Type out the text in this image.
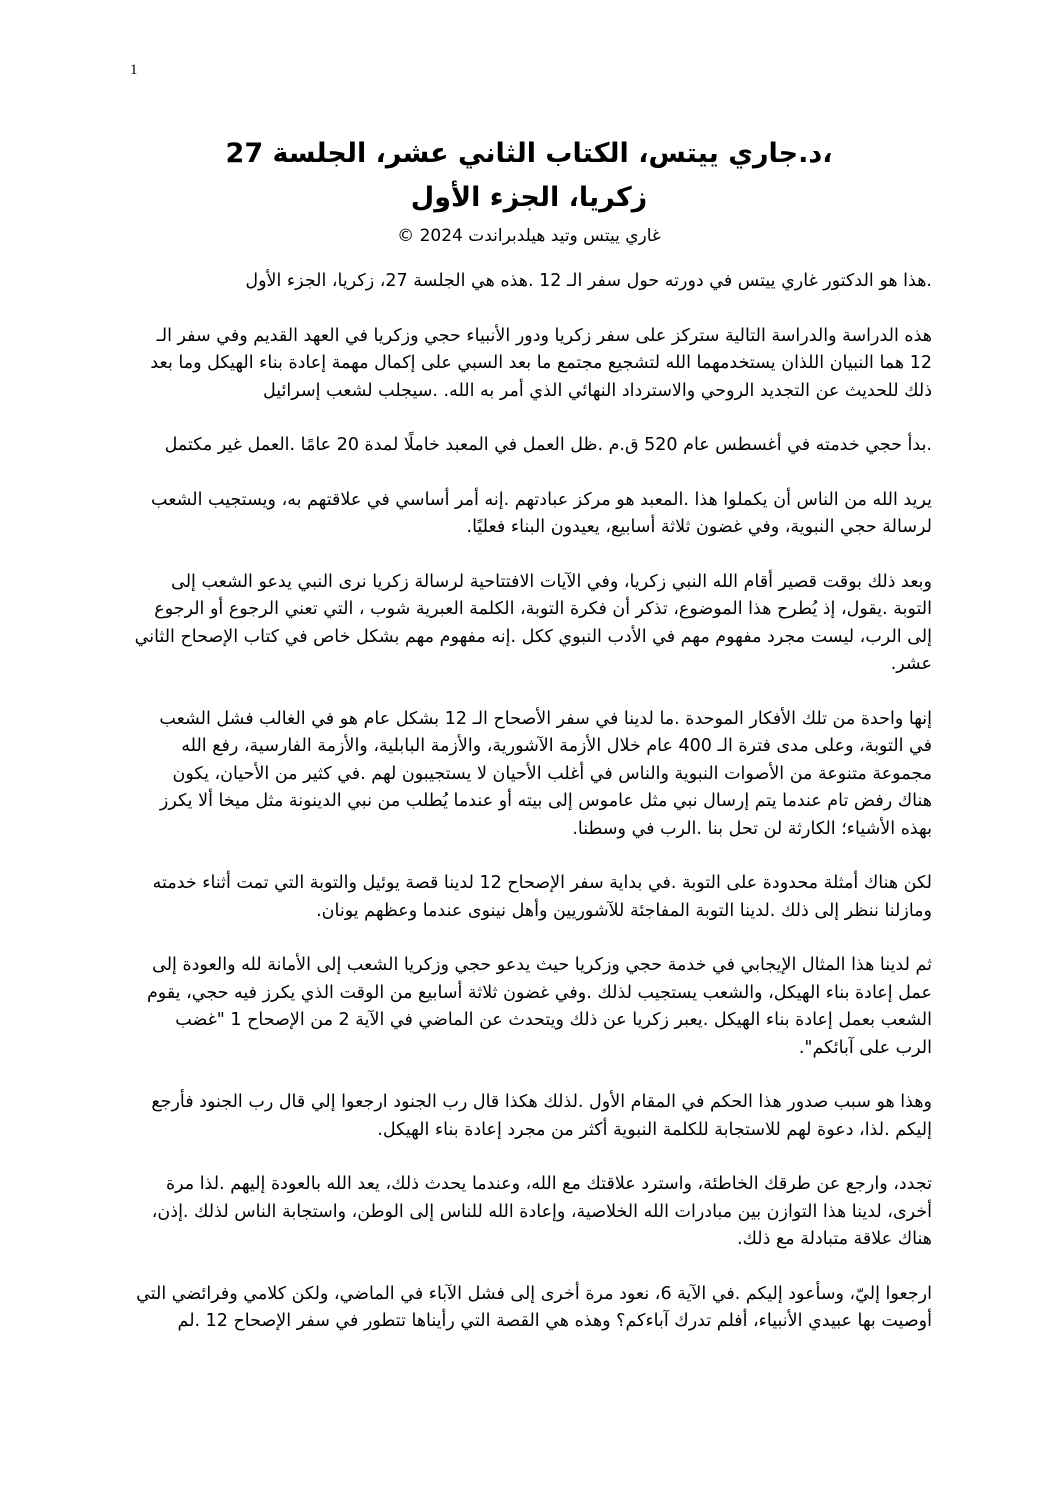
1
،د.جاري ييتس، الكتاب الثاني عشر، الجلسة 27
زكريا، الجزء الأول
غاري ييتس وتيد هيلدبراندت 2024 ©

.هذا هو الدكتور غاري ييتس في دورته حول سفر الـ 12 .هذه هي الجلسة 27، زكريا، الجزء الأول

هذه الدراسة والدراسة التالية ستركز على سفر زكريا ودور الأنبياء حجي وزكريا في العهد القديم وفي سفر الـ 12 هما النبيان اللذان يستخدمهما الله لتشجيع مجتمع ما بعد السبي على إكمال مهمة إعادة بناء الهيكل وما بعد ذلك للحديث عن التجديد الروحي والاسترداد النهائي الذي أمر به الله. .سيجلب لشعب إسرائيل

.بدأ حجي خدمته في أغسطس عام 520 ق.م .ظل العمل في المعبد خاملًا لمدة 20 عامًا .العمل غير مكتمل

يريد الله من الناس أن يكملوا هذا .المعبد هو مركز عبادتهم .إنه أمر أساسي في علاقتهم به، ويستجيب الشعب لرسالة حجي النبوية، وفي غضون ثلاثة أسابيع، يعيدون البناء فعليًا.

وبعد ذلك بوقت قصير أقام الله النبي زكريا، وفي الآيات الافتتاحية لرسالة زكريا نرى النبي يدعو الشعب إلى التوبة .يقول، إذ يُطرح هذا الموضوع، تذكر أن فكرة التوبة، الكلمة العبرية شوب ، التي تعني الرجوع أو الرجوع إلى الرب، ليست مجرد مفهوم مهم في الأدب النبوي ككل .إنه مفهوم مهم بشكل خاص في كتاب الإصحاح الثاني عشر.

إنها واحدة من تلك الأفكار الموحدة .ما لدينا في سفر الأصحاح الـ 12 بشكل عام هو في الغالب فشل الشعب في التوبة، وعلى مدى فترة الـ 400 عام خلال الأزمة الآشورية، والأزمة البابلية، والأزمة الفارسية، رفع الله مجموعة متنوعة من الأصوات النبوية والناس في أغلب الأحيان لا يستجيبون لهم .في كثير من الأحيان، يكون هناك رفض تام عندما يتم إرسال نبي مثل عاموس إلى بيته أو عندما يُطلب من نبي الدينونة مثل ميخا ألا يكرز بهذه الأشياء؛ الكارثة لن تحل بنا .الرب في وسطنا.

لكن هناك أمثلة محدودة على التوبة .في بداية سفر الإصحاح 12 لدينا قصة يوئيل والتوبة التي تمت أثناء خدمته ومازلنا ننظر إلى ذلك .لدينا التوبة المفاجئة للآشوريين وأهل نينوى عندما وعظهم يونان.

ثم لدينا هذا المثال الإيجابي في خدمة حجي وزكريا حيث يدعو حجي وزكريا الشعب إلى الأمانة لله والعودة إلى عمل إعادة بناء الهيكل، والشعب يستجيب لذلك .وفي غضون ثلاثة أسابيع من الوقت الذي يكرز فيه حجي، يقوم الشعب بعمل إعادة بناء الهيكل .يعبر زكريا عن ذلك ويتحدث عن الماضي في الآية 2 من الإصحاح 1 "غضب الرب على آبائكم".

وهذا هو سبب صدور هذا الحكم في المقام الأول .لذلك هكذا قال رب الجنود ارجعوا إلي قال رب الجنود فأرجع إليكم .لذا، دعوة لهم للاستجابة للكلمة النبوية أكثر من مجرد إعادة بناء الهيكل.

تجدد، وارجع عن طرقك الخاطئة، واسترد علاقتك مع الله، وعندما يحدث ذلك، يعد الله بالعودة إليهم .لذا مرة أخرى، لدينا هذا التوازن بين مبادرات الله الخلاصية، وإعادة الله للناس إلى الوطن، واستجابة الناس لذلك .إذن، هناك علاقة متبادلة مع ذلك.

ارجعوا إليّ، وسأعود إليكم .في الآية 6، نعود مرة أخرى إلى فشل الآباء في الماضي، ولكن كلامي وفرائضي التي أوصيت بها عبيدي الأنبياء، أفلم تدرك آباءكم؟ وهذه هي القصة التي رأيناها تتطور في سفر الإصحاح 12 .لم
